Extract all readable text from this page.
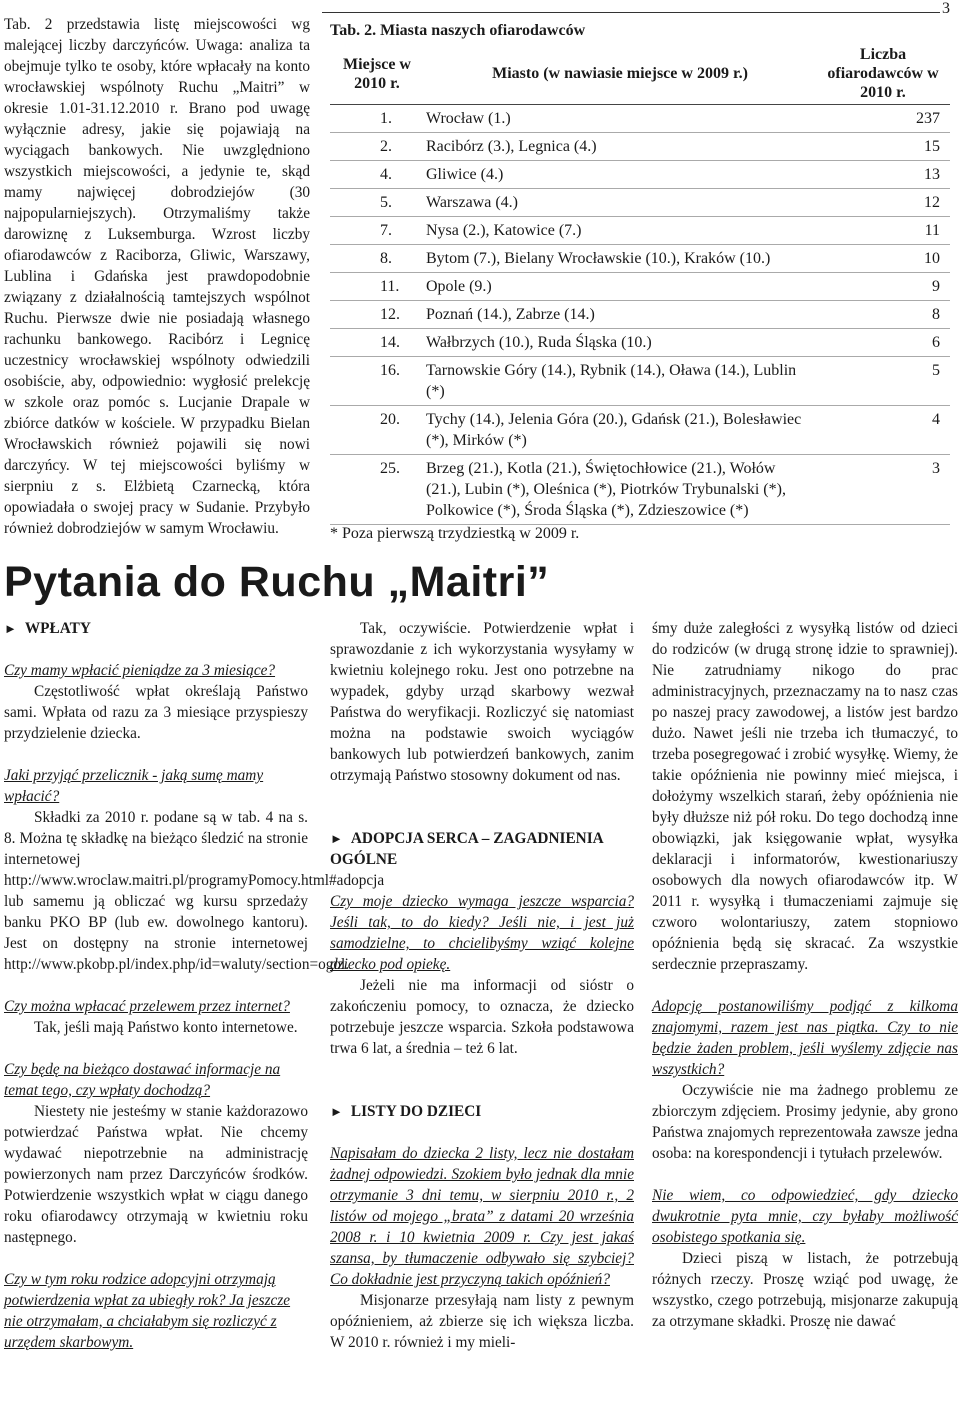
3

Tab. 2 przedstawia listę miejscowości wg malejącej liczby darczyńców. Uwaga: analiza ta obejmuje tylko te osoby, które wpłacały na konto wrocławskiej wspólnoty Ruchu „Maitri” w okresie 1.01-31.12.2010 r. Brano pod uwagę wyłącznie adresy, jakie się pojawiają na wyciągach bankowych. Nie uwzględniono wszystkich miejscowości, a jedynie te, skąd mamy najwięcej dobrodziejów (30 najpopularniejszych). Otrzymaliśmy także darowiznę z Luksemburga. Wzrost liczby ofiarodawców z Raciborza, Gliwic, Warszawy, Lublina i Gdańska jest prawdopodobnie związany z działalnością tamtejszych wspólnot Ruchu. Pierwsze dwie nie posiadają własnego rachunku bankowego. Racibórz i Legnicę uczestnicy wrocławskiej wspólnoty odwiedzili osobiście, aby, odpowiednio: wygłosić prelekcję w szkole oraz pomóc s. Lucjanie Drapale w zbiórce datków w kościele. W przypadku Bielan Wrocławskich również pojawili się nowi darczyńcy. W tej miejscowości byliśmy w sierpniu z s. Elżbietą Czarnecką, która opowiadała o swojej pracy w Sudanie. Przybyło również dobrodziejów w samym Wrocławiu.

Tab. 2. Miasta naszych ofiarodawców

Miejsce w 2010 r.	Miasto (w nawiasie miejsce w 2009 r.)	Liczba ofiarodawców w 2010 r.
1.	Wrocław (1.)	237
2.	Racibórz (3.), Legnica (4.)	15
4.	Gliwice (4.)	13
5.	Warszawa (4.)	12
7.	Nysa (2.), Katowice (7.)	11
8.	Bytom (7.), Bielany Wrocławskie (10.), Kraków (10.)	10
11.	Opole (9.)	9
12.	Poznań (14.), Zabrze (14.)	8
14.	Wałbrzych (10.), Ruda Śląska (10.)	6
16.	Tarnowskie Góry (14.), Rybnik (14.), Oława (14.), Lublin (*)	5
20.	Tychy (14.), Jelenia Góra (20.), Gdańsk (21.), Bolesławiec (*), Mirków (*)	4
25.	Brzeg (21.), Kotla (21.), Świętochłowice (21.), Wołów (21.), Lubin (*), Oleśnica (*), Piotrków Trybunalski (*), Polkowice (*), Środa Śląska (*), Zdzieszowice (*)	3
* Poza pierwszą trzydziestką w 2009 r.
Pytania do Ruchu „Maitri”

► WPŁATY

Czy mamy wpłacić pieniądze za 3 miesiące?

Częstotliwość wpłat określają Państwo sami. Wpłata od razu za 3 miesiące przyspieszy przydzielenie dziecka.

Jaki przyjąć przelicznik - jaką sumę mamy wpłacić?

Składki za 2010 r. podane są w tab. 4 na s. 8. Można tę składkę na bieżąco śledzić na stronie internetowej http://www.wroclaw.maitri.pl/programyPomocy.html#adopcja lub samemu ją obliczać wg kursu sprzedaży banku PKO BP (lub ew. dowolnego kantoru). Jest on dostępny na stronie internetowej http://www.pkobp.pl/index.php/id=waluty/section=ogol.

Czy można wpłacać przelewem przez internet?

Tak, jeśli mają Państwo konto internetowe.

Czy będę na bieżąco dostawać informacje na temat tego, czy wpłaty dochodzą?

Niestety nie jesteśmy w stanie każdorazowo potwierdzać Państwa wpłat. Nie chcemy wydawać niepotrzebnie na administrację powierzonych nam przez Darczyńców środków. Potwierdzenie wszystkich wpłat w ciągu danego roku ofiarodawcy otrzymają w kwietniu roku następnego.

Czy w tym roku rodzice adopcyjni otrzymają potwierdzenia wpłat za ubiegły rok? Ja jeszcze nie otrzymałam, a chciałabym się rozliczyć z urzędem skarbowym.

Tak, oczywiście. Potwierdzenie wpłat i sprawozdanie z ich wykorzystania wysyłamy w kwietniu kolejnego roku. Jest ono potrzebne na wypadek, gdyby urząd skarbowy wezwał Państwa do weryfikacji. Rozliczyć się natomiast można na podstawie swoich wyciągów bankowych lub potwierdzeń bankowych, zanim otrzymają Państwo stosowny dokument od nas.

► ADOPCJA SERCA – ZAGADNIENIA OGÓLNE

Czy moje dziecko wymaga jeszcze wsparcia? Jeśli tak, to do kiedy? Jeśli nie, i jest już samodzielne, to chcielibyśmy wziąć kolejne dziecko pod opiekę.

Jeżeli nie ma informacji od sióstr o zakończeniu pomocy, to oznacza, że dziecko potrzebuje jeszcze wsparcia. Szkoła podstawowa trwa 6 lat, a średnia – też 6 lat.

► LISTY DO DZIECI

Napisałam do dziecka 2 listy, lecz nie dostałam żadnej odpowiedzi. Szokiem było jednak dla mnie otrzymanie 3 dni temu, w sierpniu 2010 r., 2 listów od mojego „brata” z datami 20 września 2008 r. i 10 kwietnia 2009 r. Czy jest jakaś szansa, by tłumaczenie odbywało się szybciej? Co dokładnie jest przyczyną takich opóźnień?

Misjonarze przesyłają nam listy z pewnym opóźnieniem, aż zbierze się ich większa liczba. W 2010 r. również i my mieli-

śmy duże zaległości z wysyłką listów od dzieci do rodziców (w drugą stronę idzie to sprawniej). Nie zatrudniamy nikogo do prac administracyjnych, przeznaczamy na to nasz czas po naszej pracy zawodowej, a listów jest bardzo dużo. Nawet jeśli nie trzeba ich tłumaczyć, to trzeba posegregować i zrobić wysyłkę. Wiemy, że takie opóźnienia nie powinny mieć miejsca, i dołożymy wszelkich starań, żeby opóźnienia nie były dłuższe niż pół roku. Do tego dochodzą inne obowiązki, jak księgowanie wpłat, wysyłka deklaracji i informatorów, kwestionariuszy osobowych dla nowych ofiarodawców itp. W 2011 r. wysyłką i tłumaczeniami zajmuje się czworo wolontariuszy, zatem stopniowo opóźnienia będą się skracać. Za wszystkie serdecznie przepraszamy.

Adopcję postanowiliśmy podjąć z kilkoma znajomymi, razem jest nas piątka. Czy to nie będzie żaden problem, jeśli wyślemy zdjęcie nas wszystkich?

Oczywiście nie ma żadnego problemu ze zbiorczym zdjęciem. Prosimy jedynie, aby grono Państwa znajomych reprezentowała zawsze jedna osoba: na korespondencji i tytułach przelewów.

Nie wiem, co odpowiedzieć, gdy dziecko dwukrotnie pyta mnie, czy byłaby możliwość osobistego spotkania się.

Dzieci piszą w listach, że potrzebują różnych rzeczy. Proszę wziąć pod uwagę, że wszystko, czego potrzebują, misjonarze zakupują za otrzymane składki. Proszę nie dawać
